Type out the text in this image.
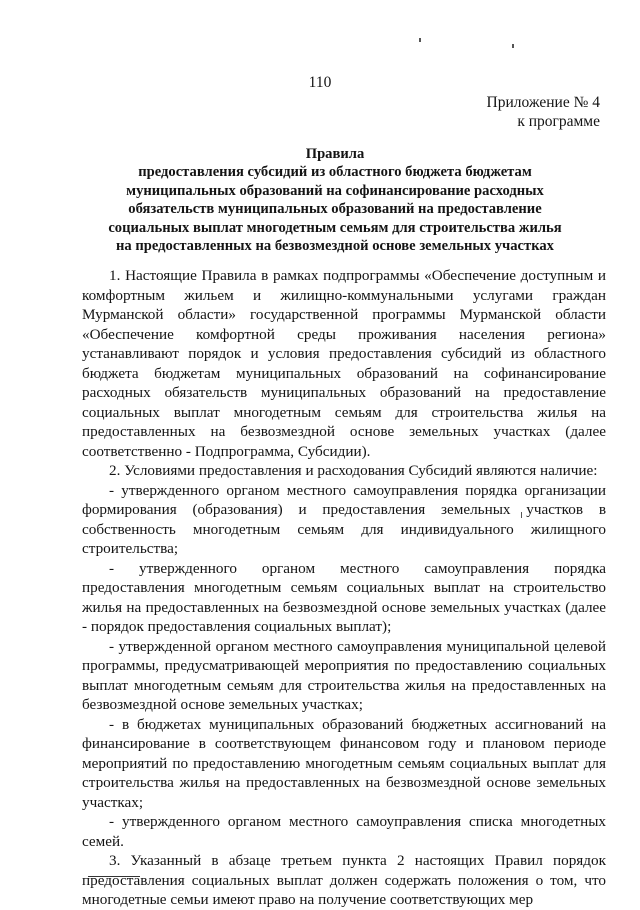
110
Приложение № 4
к программе
Правила
предоставления субсидий из областного бюджета бюджетам
муниципальных образований на софинансирование расходных
обязательств муниципальных образований на предоставление
социальных выплат многодетным семьям для строительства жилья
на предоставленных на безвозмездной основе земельных участках

1. Настоящие Правила в рамках подпрограммы «Обеспечение доступным и комфортным жильем и жилищно-коммунальными услугами граждан Мурманской области» государственной программы Мурманской области «Обеспечение комфортной среды проживания населения региона» устанавливают порядок и условия предоставления субсидий из областного бюджета бюджетам муниципальных образований на софинансирование расходных обязательств муниципальных образований на предоставление социальных выплат многодетным семьям для строительства жилья на предоставленных на безвозмездной основе земельных участках (далее соответственно - Подпрограмма, Субсидии).

2. Условиями предоставления и расходования Субсидий являются наличие:

- утвержденного органом местного самоуправления порядка организации формирования (образования) и предоставления земельных участков в собственность многодетным семьям для индивидуального жилищного строительства;

- утвержденного органом местного самоуправления порядка предоставления многодетным семьям социальных выплат на строительство жилья на предоставленных на безвозмездной основе земельных участках (далее - порядок предоставления социальных выплат);

- утвержденной органом местного самоуправления муниципальной целевой программы, предусматривающей мероприятия по предоставлению социальных выплат многодетным семьям для строительства жилья на предоставленных на безвозмездной основе земельных участках;

- в бюджетах муниципальных образований бюджетных ассигнований на финансирование в соответствующем финансовом году и плановом периоде мероприятий по предоставлению многодетным семьям социальных выплат для строительства жилья на предоставленных на безвозмездной основе земельных участках;

- утвержденного органом местного самоуправления списка многодетных семей.

3. Указанный в абзаце третьем пункта 2 настоящих Правил порядок предоставления социальных выплат должен содержать положения о том, что многодетные семьи имеют право на получение соответствующих мер
